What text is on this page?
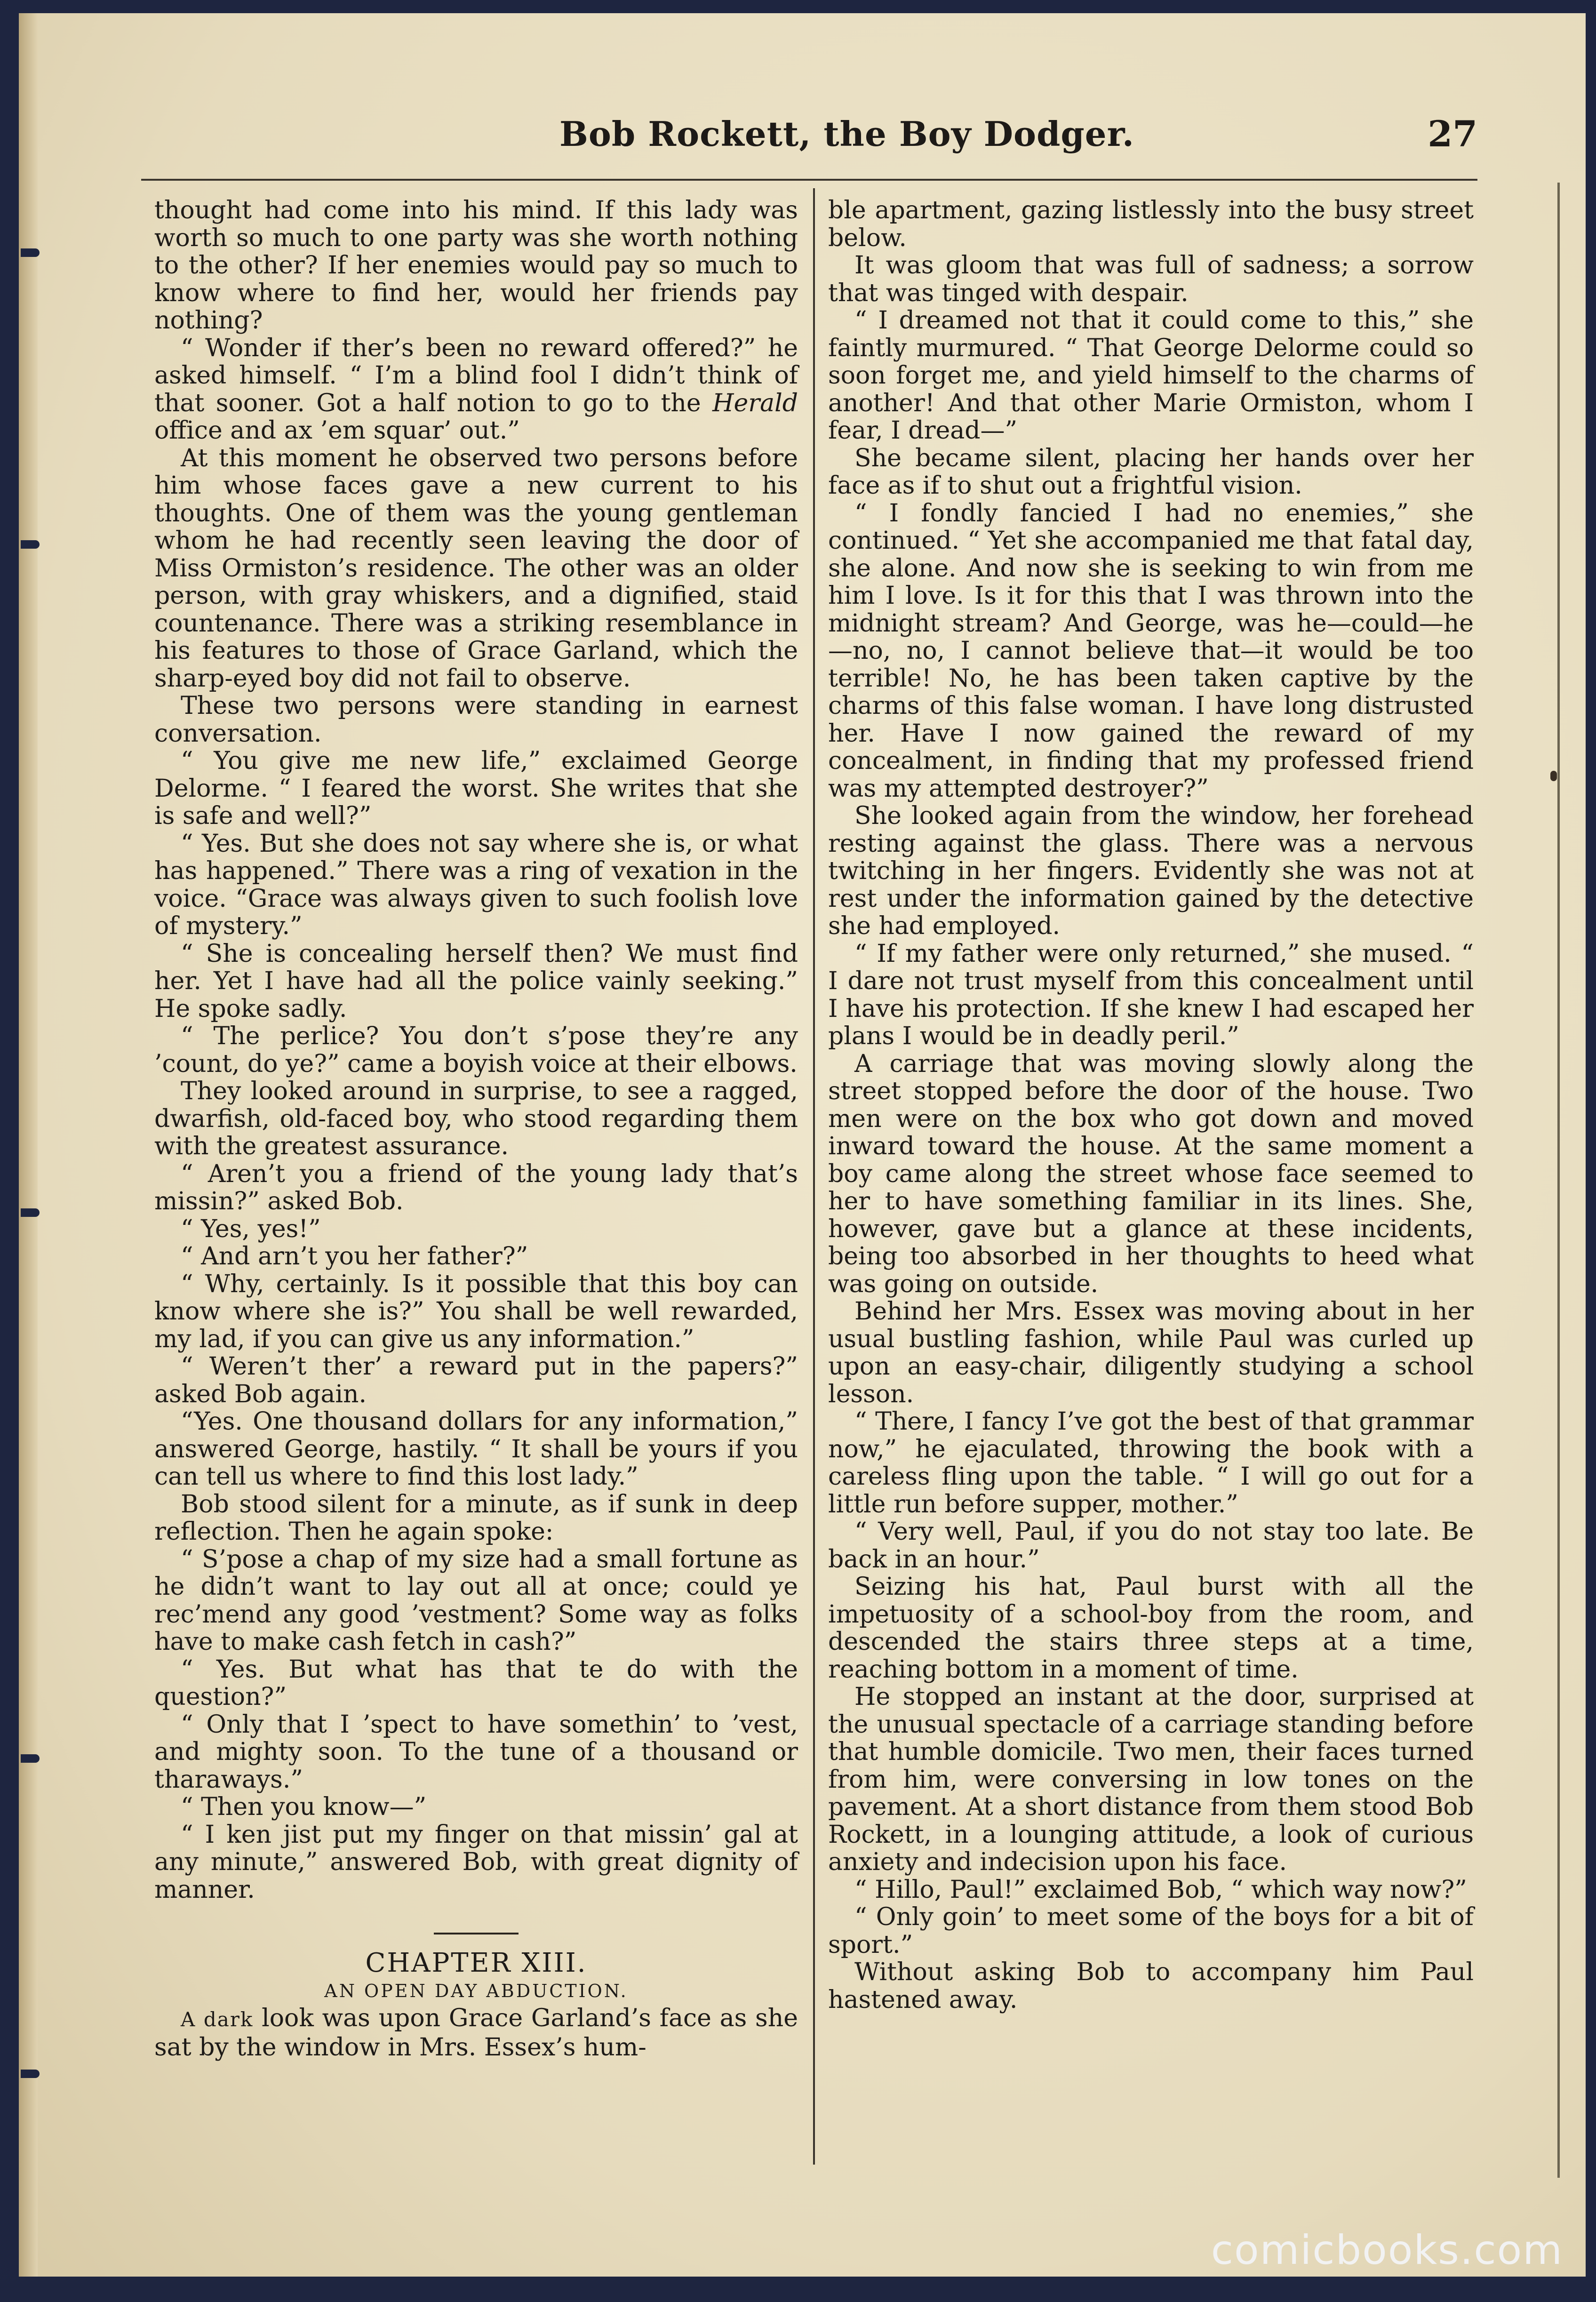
Bob Rockett, the Boy Dodger.	27

thought had come into his mind. If this lady was worth so much to one party was she worth nothing to the other? If her enemies would pay so much to know where to find her, would her friends pay nothing?

“ Wonder if ther’s been no reward offered?” he asked himself. “ I’m a blind fool I didn’t think of that sooner. Got a half notion to go to the Herald office and ax ’em squar’ out.”

At this moment he observed two persons before him whose faces gave a new current to his thoughts. One of them was the young gentleman whom he had recently seen leaving the door of Miss Ormiston’s residence. The other was an older person, with gray whiskers, and a dignified, staid countenance. There was a striking resemblance in his features to those of Grace Garland, which the sharp-eyed boy did not fail to observe.

These two persons were standing in earnest conversation.

“ You give me new life,” exclaimed George Delorme. “ I feared the worst. She writes that she is safe and well?”

“ Yes. But she does not say where she is, or what has happened.” There was a ring of vexation in the voice. “Grace was always given to such foolish love of mystery.”

“ She is concealing herself then? We must find her. Yet I have had all the police vainly seeking.” He spoke sadly.

“ The perlice? You don’t s’pose they’re any ’count, do ye?” came a boyish voice at their elbows.

They looked around in surprise, to see a ragged, dwarfish, old-faced boy, who stood regarding them with the greatest assurance.

“ Aren’t you a friend of the young lady that’s missin?” asked Bob.

“ Yes, yes!”

“ And arn’t you her father?”

“ Why, certainly. Is it possible that this boy can know where she is?” You shall be well rewarded, my lad, if you can give us any information.”

“ Weren’t ther’ a reward put in the papers?” asked Bob again.

“Yes. One thousand dollars for any information,” answered George, hastily. “ It shall be yours if you can tell us where to find this lost lady.”

Bob stood silent for a minute, as if sunk in deep reflection. Then he again spoke:

“ S’pose a chap of my size had a small fortune as he didn’t want to lay out all at once; could ye rec’mend any good ’vestment? Some way as folks have to make cash fetch in cash?”

“ Yes. But what has that te do with the question?”

“ Only that I ’spect to have somethin’ to ’vest, and mighty soon. To the tune of a thousand or tharaways.”

“ Then you know—”

“ I ken jist put my finger on that missin’ gal at any minute,” answered Bob, with great dignity of manner.

CHAPTER XIII.

AN OPEN DAY ABDUCTION.

A dark look was upon Grace Garland’s face as she sat by the window in Mrs. Essex’s hum-

ble apartment, gazing listlessly into the busy street below.

It was gloom that was full of sadness; a sorrow that was tinged with despair.

“ I dreamed not that it could come to this,” she faintly murmured. “ That George Delorme could so soon forget me, and yield himself to the charms of another! And that other Marie Ormiston, whom I fear, I dread—”

She became silent, placing her hands over her face as if to shut out a frightful vision.

“ I fondly fancied I had no enemies,” she continued. “ Yet she accompanied me that fatal day, she alone. And now she is seeking to win from me him I love. Is it for this that I was thrown into the midnight stream? And George, was he—could—he—no, no, I cannot believe that—it would be too terrible! No, he has been taken captive by the charms of this false woman. I have long distrusted her. Have I now gained the reward of my concealment, in finding that my professed friend was my attempted destroyer?”

She looked again from the window, her forehead resting against the glass. There was a nervous twitching in her fingers. Evidently she was not at rest under the information gained by the detective she had employed.

“ If my father were only returned,” she mused. “ I dare not trust myself from this concealment until I have his protection. If she knew I had escaped her plans I would be in deadly peril.”

A carriage that was moving slowly along the street stopped before the door of the house. Two men were on the box who got down and moved inward toward the house. At the same moment a boy came along the street whose face seemed to her to have something familiar in its lines. She, however, gave but a glance at these incidents, being too absorbed in her thoughts to heed what was going on outside.

Behind her Mrs. Essex was moving about in her usual bustling fashion, while Paul was curled up upon an easy-chair, diligently studying a school lesson.

“ There, I fancy I’ve got the best of that grammar now,” he ejaculated, throwing the book with a careless fling upon the table. “ I will go out for a little run before supper, mother.”

“ Very well, Paul, if you do not stay too late. Be back in an hour.”

Seizing his hat, Paul burst with all the impetuosity of a school-boy from the room, and descended the stairs three steps at a time, reaching bottom in a moment of time.

He stopped an instant at the door, surprised at the unusual spectacle of a carriage standing before that humble domicile. Two men, their faces turned from him, were conversing in low tones on the pavement. At a short distance from them stood Bob Rockett, in a lounging attitude, a look of curious anxiety and indecision upon his face.

“ Hillo, Paul!” exclaimed Bob, “ which way now?”

“ Only goin’ to meet some of the boys for a bit of sport.”

Without asking Bob to accompany him Paul hastened away.

comicbooks.com
